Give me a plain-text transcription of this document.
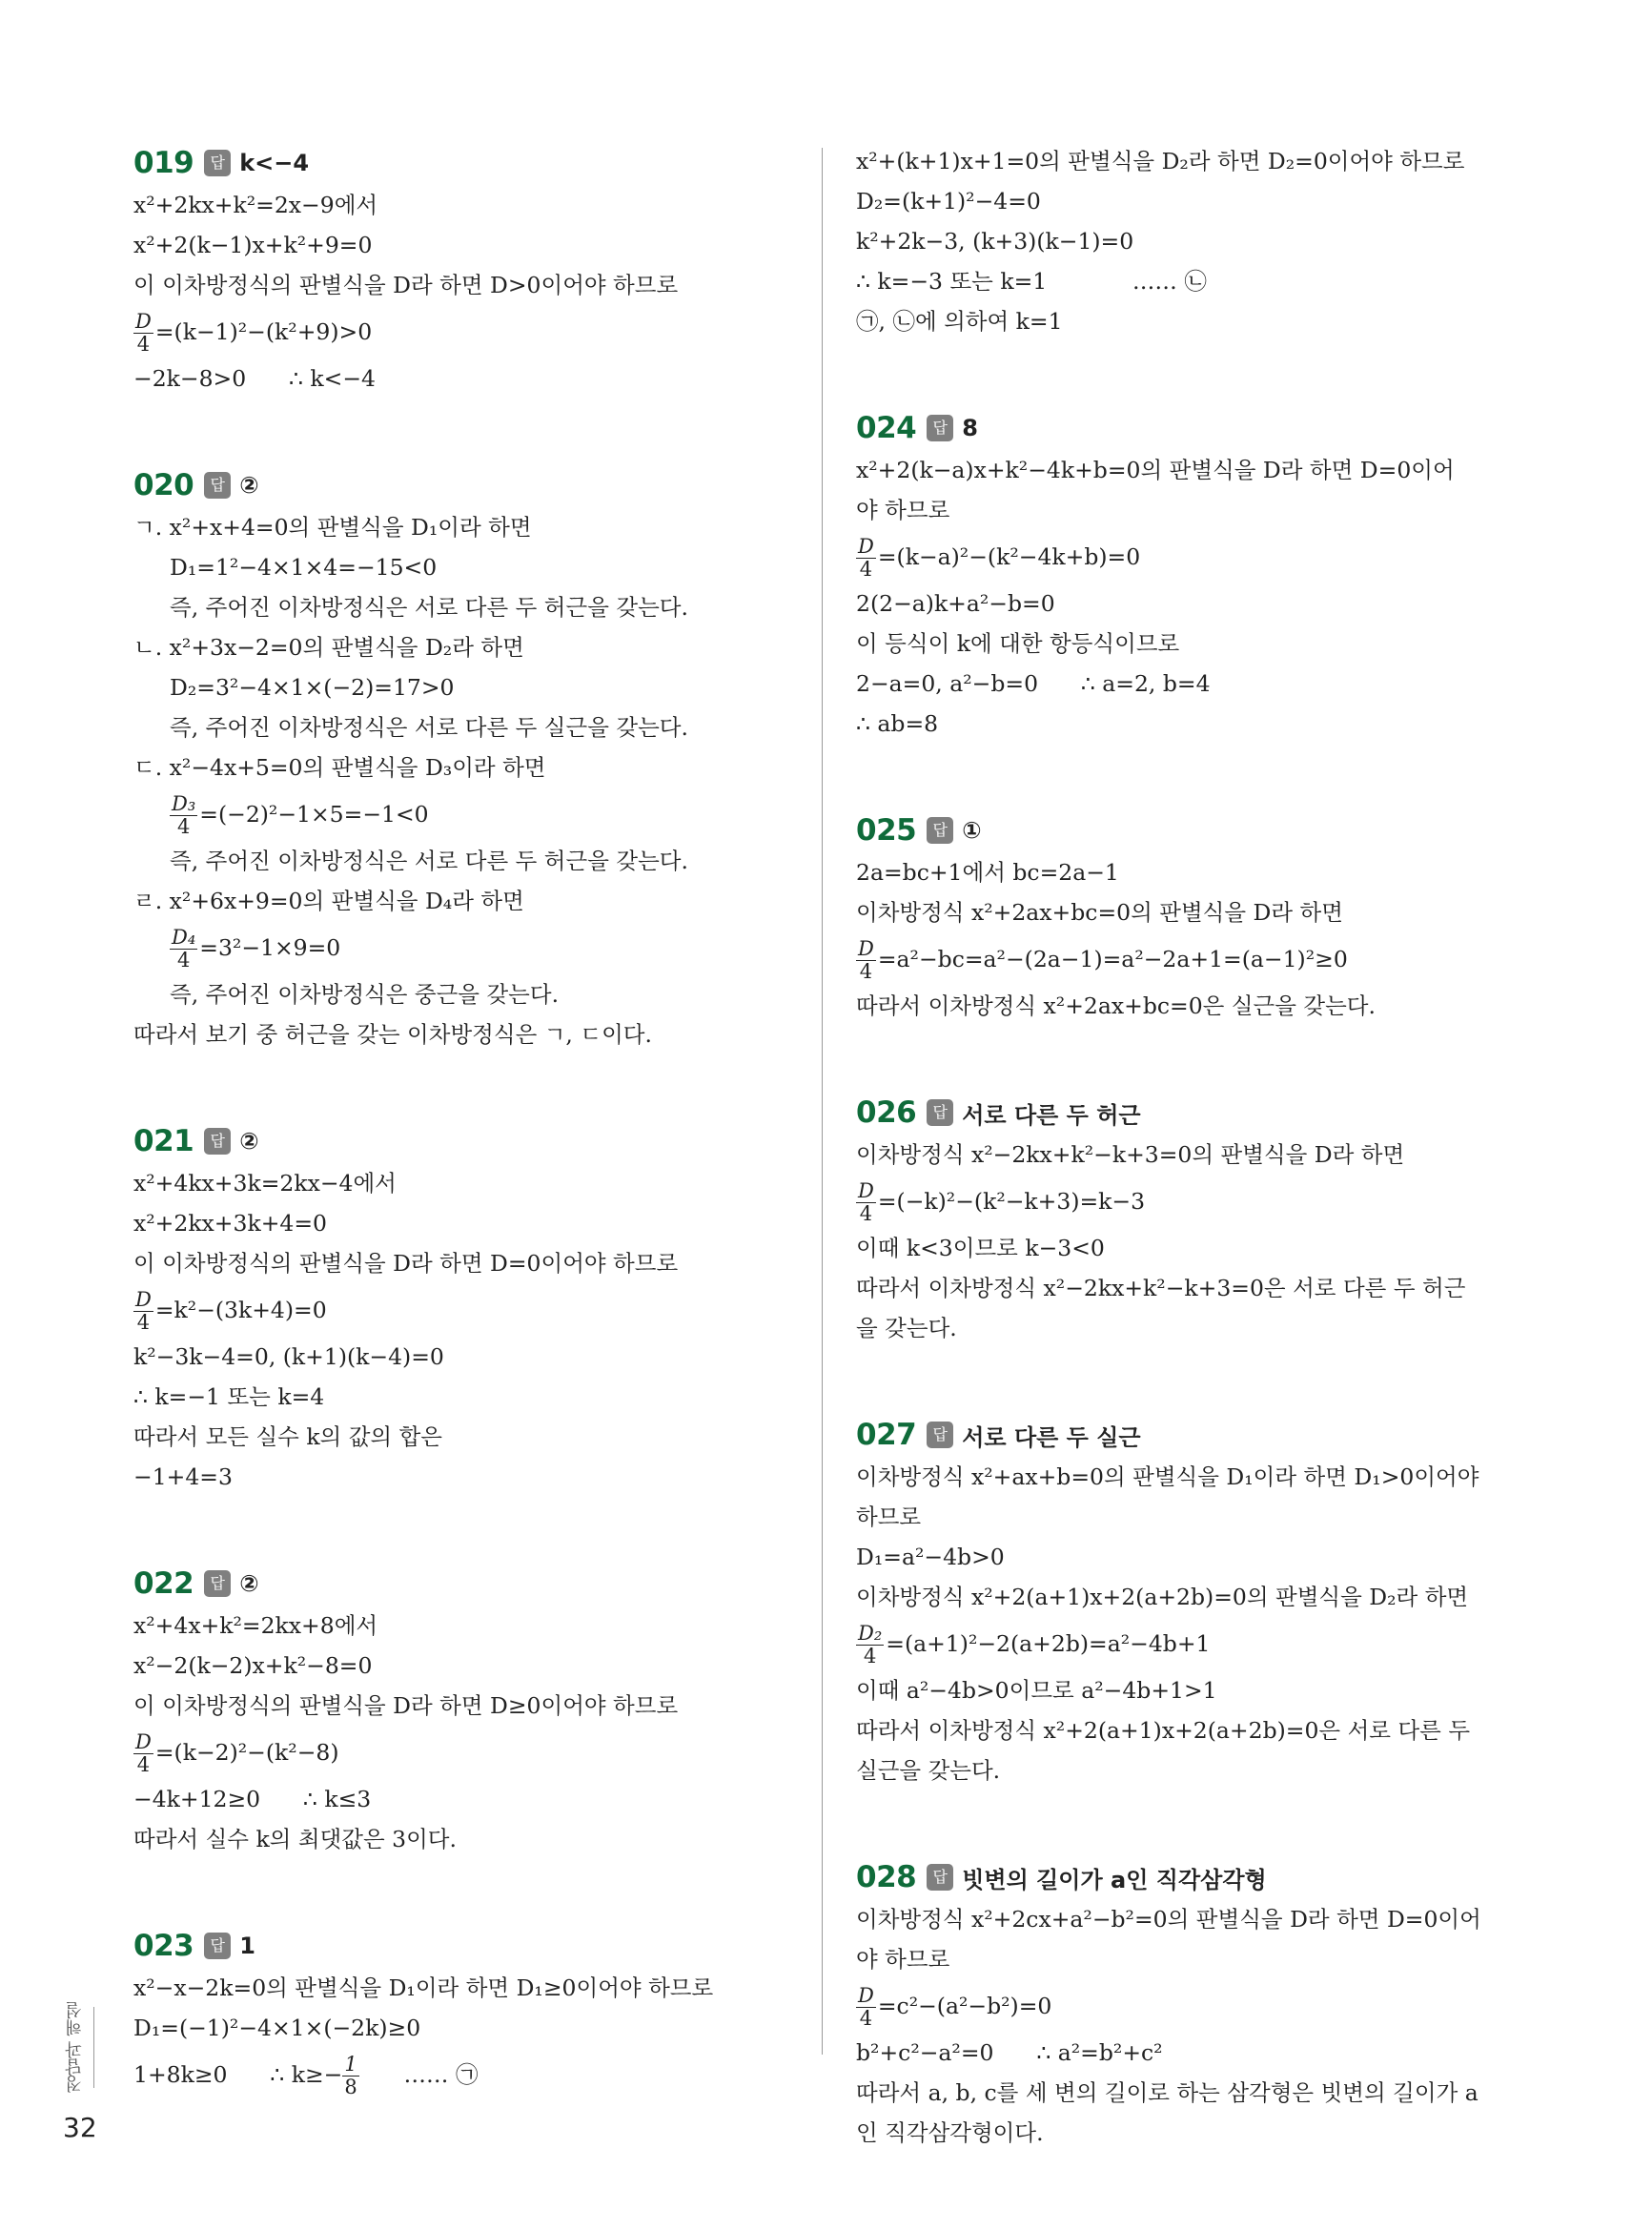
019	답 k<−4
x²+2kx+k²=2x−9에서
x²+2(k−1)x+k²+9=0
이 이차방정식의 판별식을 D라 하면 D>0이어야 하므로
$\frac{D}{4} =(k-1)^2-(k^2+9)>0$
−2k−8>0      ∴ k<−4
020	답 ②
ㄱ. x²+x+4=0의 판별식을 D₁이라 하면
D₁=1²−4×1×4=−15<0
즉, 주어진 이차방정식은 서로 다른 두 허근을 갖는다.
ㄴ. x²+3x−2=0의 판별식을 D₂라 하면
D₂=3²−4×1×(−2)=17>0
즉, 주어진 이차방정식은 서로 다른 두 실근을 갖는다.
ㄷ. x²−4x+5=0의 판별식을 D₃이라 하면
$\frac{\text{D₃}}{4} =(-2)^2-1\times 5=-1<0$
즉, 주어진 이차방정식은 서로 다른 두 허근을 갖는다.
ㄹ. x²+6x+9=0의 판별식을 D₄라 하면
$\frac{\text{D₄}}{4} =3^2-1\times 9=0$
즉, 주어진 이차방정식은 중근을 갖는다.
따라서 보기 중 허근을 갖는 이차방정식은 ㄱ, ㄷ이다.
021	답 ②
x²+4kx+3k=2kx−4에서
x²+2kx+3k+4=0
이 이차방정식의 판별식을 D라 하면 D=0이어야 하므로
$\frac{D}{4} =k^2-(3k+4)=0$
k²−3k−4=0, (k+1)(k−4)=0
∴ k=−1 또는 k=4
따라서 모든 실수 k의 값의 합은
−1+4=3
022	답 ②
x²+4x+k²=2kx+8에서
x²−2(k−2)x+k²−8=0
이 이차방정식의 판별식을 D라 하면 D≥0이어야 하므로
$\frac{D}{4} =(k-2)^2-(k^2-8)$
−4k+12≥0      ∴ k≤3
따라서 실수 k의 최댓값은 3이다.
023	답 1
x²−x−2k=0의 판별식을 D₁이라 하면 D₁≥0이어야 하므로
D₁=(−1)²−4×1×(−2k)≥0
1+8k≥0      ∴ $k\ge- \frac{1}{8}$ …… ㉠
x²+(k+1)x+1=0의 판별식을 D₂라 하면 D₂=0이어야 하므로
D₂=(k+1)²−4=0
k²+2k−3, (k+3)(k−1)=0
∴ k=−3 또는 k=1            …… ㉡
㉠, ㉡에 의하여 k=1
024	답 8
x²+2(k−a)x+k²−4k+b=0의 판별식을 D라 하면 D=0이어
야 하므로
$\frac{D}{4} =(k-a)^2-(k^2-4k+b)=0$
2(2−a)k+a²−b=0
이 등식이 k에 대한 항등식이므로
2−a=0, a²−b=0      ∴ a=2, b=4
∴ ab=8
025	답 ①
2a=bc+1에서 bc=2a−1
이차방정식 x²+2ax+bc=0의 판별식을 D라 하면
$\frac{D}{4} =a^2-bc=a^2-(2a-1)=a^2-2a+1=(a-1)^2\ge 0$
따라서 이차방정식 x²+2ax+bc=0은 실근을 갖는다.
026	답 서로 다른 두 허근
이차방정식 x²−2kx+k²−k+3=0의 판별식을 D라 하면
$\frac{D}{4} =(-k)^2-(k^2-k+3)=k-3$
이때 k<3이므로 k−3<0
따라서 이차방정식 x²−2kx+k²−k+3=0은 서로 다른 두 허근
을 갖는다.
027	답 서로 다른 두 실근
이차방정식 x²+ax+b=0의 판별식을 D₁이라 하면 D₁>0이어야
하므로
D₁=a²−4b>0
이차방정식 x²+2(a+1)x+2(a+2b)=0의 판별식을 D₂라 하면
$\frac{\text{D₂}}{4} =(a+1)^2-2(a+2b)=a^2-4b+1$
이때 a²−4b>0이므로 a²−4b+1>1
따라서 이차방정식 x²+2(a+1)x+2(a+2b)=0은 서로 다른 두
실근을 갖는다.
028	답 빗변의 길이가 a인 직각삼각형
이차방정식 x²+2cx+a²−b²=0의 판별식을 D라 하면 D=0이어
야 하므로
$\frac{D}{4} =c^2-(a^2-b^2)=0$
b²+c²−a²=0      ∴ a²=b²+c²
따라서 a, b, c를 세 변의 길이로 하는 삼각형은 빗변의 길이가 a
인 직각삼각형이다.
정답과 해설
32
